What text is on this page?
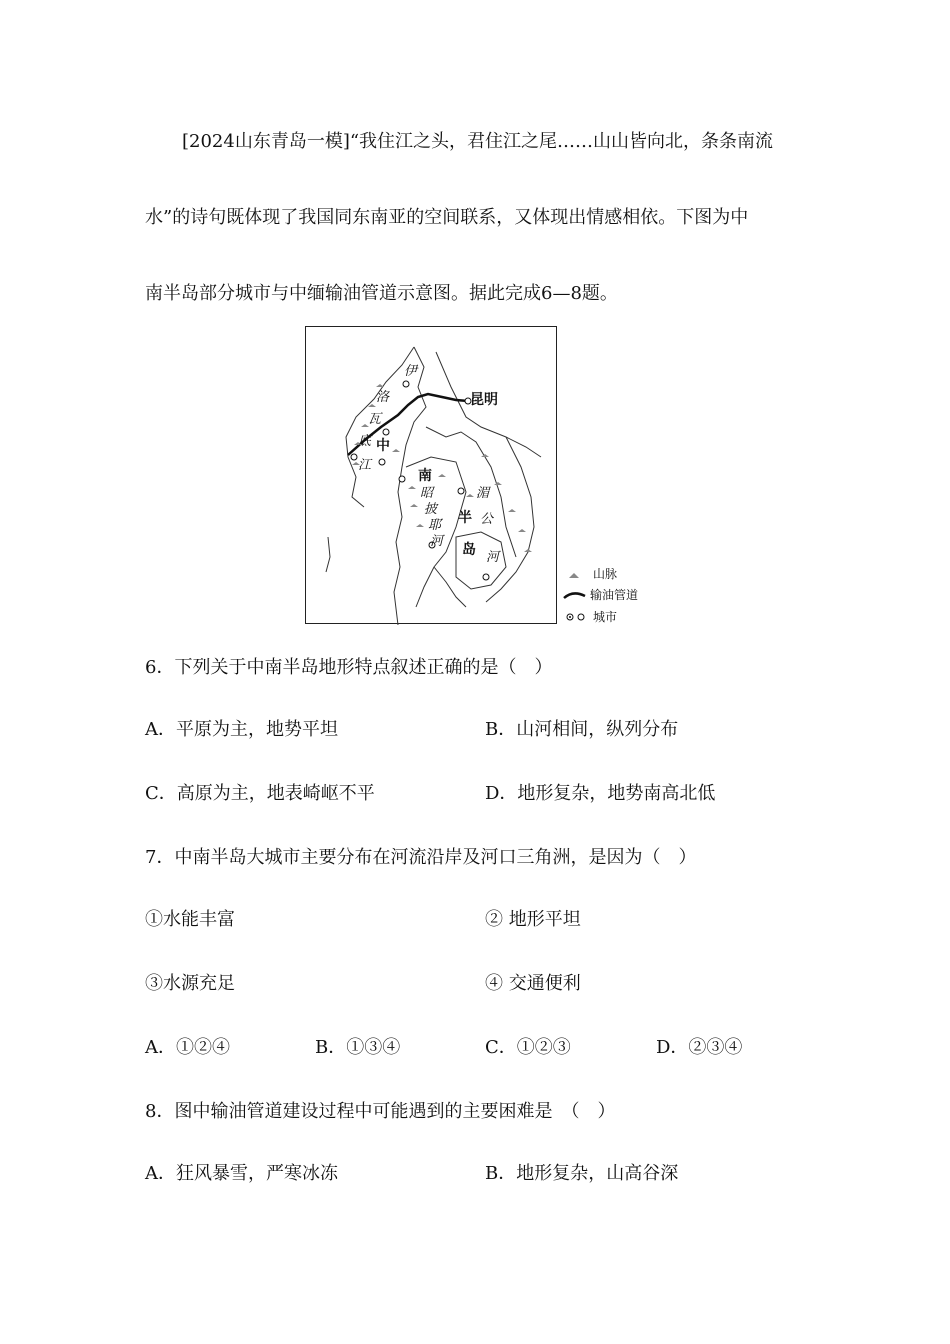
[2024山东青岛一模]“我住江之头，君住江之尾……山山皆向北，条条南流
水”的诗句既体现了我国同东南亚的空间联系，又体现出情感相依。下图为中
南半岛部分城市与中缅输油管道示意图。据此完成6—8题。
昆明
伊
洛
瓦
底
江
中
南
昭
披
耶
河
湄
半 公
岛 河
山脉
输油管道
城市
6．下列关于中南半岛地形特点叙述正确的是（　）
A．平原为主，地势平坦	B．山河相间，纵列分布
C．高原为主，地表崎岖不平	D．地形复杂，地势南高北低
7．中南半岛大城市主要分布在河流沿岸及河口三角洲，是因为（　）
①水能丰富	② 地形平坦
③水源充足	④ 交通便利
A．①②④	B．①③④	C．①②③	D．②③④
8．图中输油管道建设过程中可能遇到的主要困难是　（　）
A．狂风暴雪，严寒冰冻	B．地形复杂，山高谷深
